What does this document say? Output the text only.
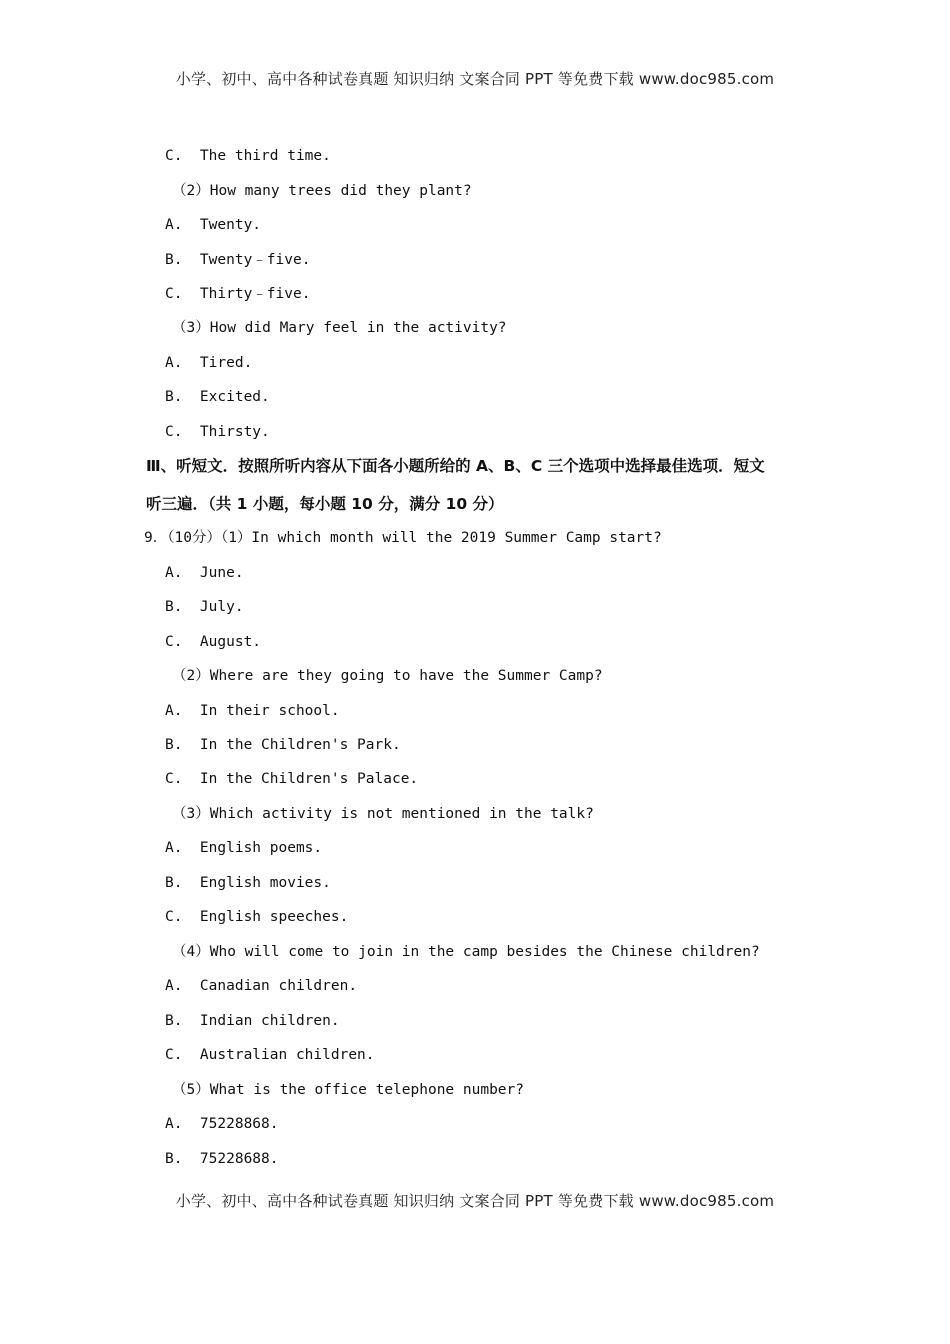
小学、初中、高中各种试卷真题 知识归纳 文案合同 PPT 等免费下载 www.doc985.com
C.  The third time.
（2）How many trees did they plant?
A.  Twenty.
B.  Twenty﹣five.
C.  Thirty﹣five.
（3）How did Mary feel in the activity?
A.  Tired.
B.  Excited.
C.  Thirsty.
Ⅲ、听短文．按照所听内容从下面各小题所给的 A、B、C 三个选项中选择最佳选项．短文
听三遍．（共 1 小题，每小题 10 分，满分 10 分）
9．（10分）（1）In which month will the 2019 Summer Camp start?
A.  June.
B.  July.
C.  August.
（2）Where are they going to have the Summer Camp?
A.  In their school.
B.  In the Children's Park.
C.  In the Children's Palace.
（3）Which activity is not mentioned in the talk?
A.  English poems.
B.  English movies.
C.  English speeches.
（4）Who will come to join in the camp besides the Chinese children?
A.  Canadian children.
B.  Indian children.
C.  Australian children.
（5）What is the office telephone number?
A.  75228868.
B.  75228688.
小学、初中、高中各种试卷真题 知识归纳 文案合同 PPT 等免费下载 www.doc985.com
